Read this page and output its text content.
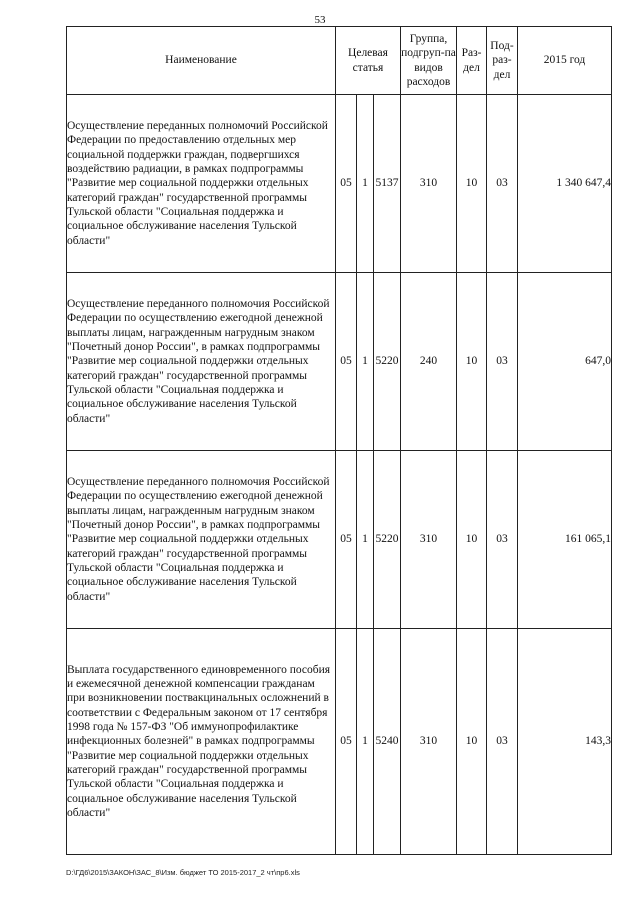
53
Наименование	Целевая статья			Группа, подгруп-па видов расходов	Раз-дел	Под-раз-дел	2015 год
Осуществление переданных полномочий Российской Федерации по предоставлению отдельных мер социальной поддержки граждан, подвергшихся воздействию радиации, в рамках подпрограммы "Развитие мер социальной поддержки отдельных категорий граждан" государственной программы Тульской области "Социальная поддержка и социальное обслуживание населения Тульской области"	05	1	5137	310	10	03	1 340 647,4
Осуществление переданного полномочия Российской Федерации по осуществлению ежегодной денежной выплаты лицам, награжденным нагрудным знаком "Почетный донор России", в рамках подпрограммы "Развитие мер социальной поддержки отдельных категорий граждан" государственной программы Тульской области "Социальная поддержка и социальное обслуживание населения Тульской области"	05	1	5220	240	10	03	647,0
Осуществление переданного полномочия Российской Федерации по осуществлению ежегодной денежной выплаты лицам, награжденным нагрудным знаком "Почетный донор России", в рамках подпрограммы "Развитие мер социальной поддержки отдельных категорий граждан" государственной программы Тульской области "Социальная поддержка и социальное обслуживание населения Тульской области"	05	1	5220	310	10	03	161 065,1
Выплата государственного единовременного пособия и ежемесячной денежной компенсации гражданам при возникновении поствакцинальных осложнений в соответствии с Федеральным законом от 17 сентября 1998 года № 157-ФЗ "Об иммунопрофилактике инфекционных болезней" в рамках подпрограммы "Развитие мер социальной поддержки отдельных категорий граждан" государственной программы Тульской области "Социальная поддержка и социальное обслуживание населения Тульской области"	05	1	5240	310	10	03	143,3
D:\ГД6\2015\ЗАКОН\ЗАС_8\Изм. бюджет ТО 2015-2017_2 чт\пр6.xls
